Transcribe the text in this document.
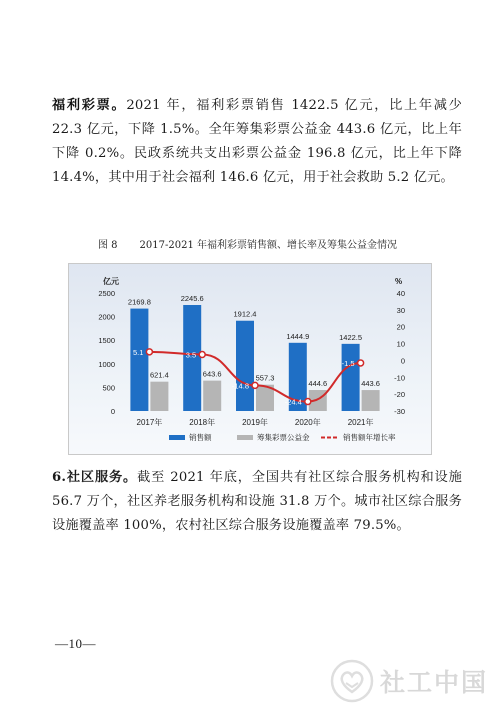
福利彩票。2021 年，福利彩票销售 1422.5 亿元，比上年减少 22.3 亿元，下降 1.5%。全年筹集彩票公益金 443.6 亿元，比上年下降 0.2%。民政系统共支出彩票公益金 196.8 亿元，比上年下降 14.4%，其中用于社会福利 146.6 亿元，用于社会救助 5.2 亿元。

图 8 2017-2021 年福利彩票销售额、增长率及筹集公益金情况
亿元	%
0
500
1000
1500
2000
2500
-30
-20
-10
0
10
20
30
40
2169.8
621.4
2017年
2245.6
643.6
2018年
1912.4
557.3
2019年
1444.9
444.6
2020年
1422.5
443.6
2021年
5.1	3.5
-14.8
-24.4
-1.5
销售额	筹集彩票公益金	销售额年增长率

6.社区服务。截至 2021 年底，全国共有社区综合服务机构和设施 56.7 万个，社区养老服务机构和设施 31.8 万个。城市社区综合服务设施覆盖率 100%，农村社区综合服务设施覆盖率 79.5%。

—10—
社工中国
